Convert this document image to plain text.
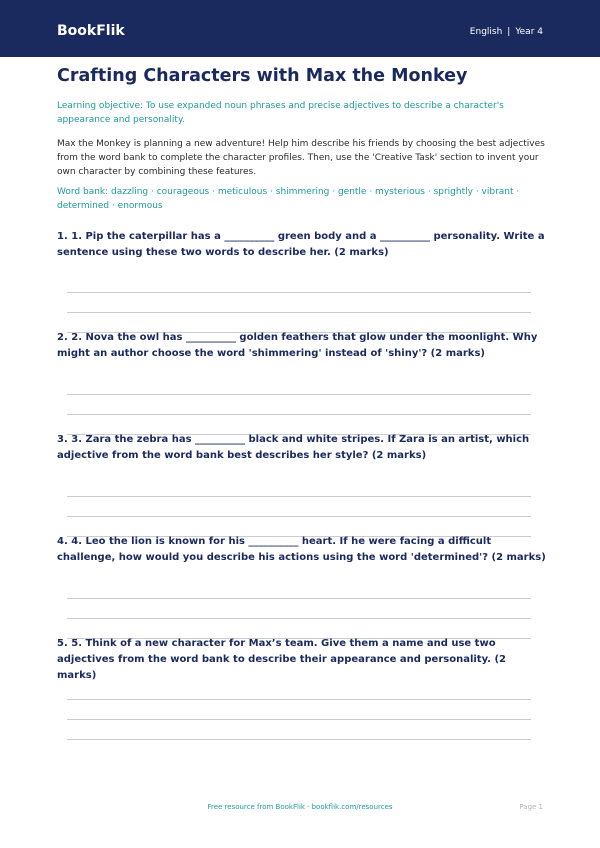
BookFlik	English | Year 4
Crafting Characters with Max the Monkey
Learning objective: To use expanded noun phrases and precise adjectives to describe a character's appearance and personality.
Max the Monkey is planning a new adventure! Help him describe his friends by choosing the best adjectives from the word bank to complete the character profiles. Then, use the 'Creative Task' section to invent your own character by combining these features.
Word bank: dazzling · courageous · meticulous · shimmering · gentle · mysterious · sprightly · vibrant · determined · enormous
1. 1. Pip the caterpillar has a __________ green body and a __________ personality. Write a sentence using these two words to describe her. (2 marks)
2. 2. Nova the owl has __________ golden feathers that glow under the moonlight. Why might an author choose the word 'shimmering' instead of 'shiny'? (2 marks)
3. 3. Zara the zebra has __________ black and white stripes. If Zara is an artist, which adjective from the word bank best describes her style? (2 marks)
4. 4. Leo the lion is known for his __________ heart. If he were facing a difficult challenge, how would you describe his actions using the word 'determined'? (2 marks)
5. 5. Think of a new character for Max’s team. Give them a name and use two adjectives from the word bank to describe their appearance and personality. (2 marks)
Free resource from BookFlik · bookflik.com/resources	Page 1
